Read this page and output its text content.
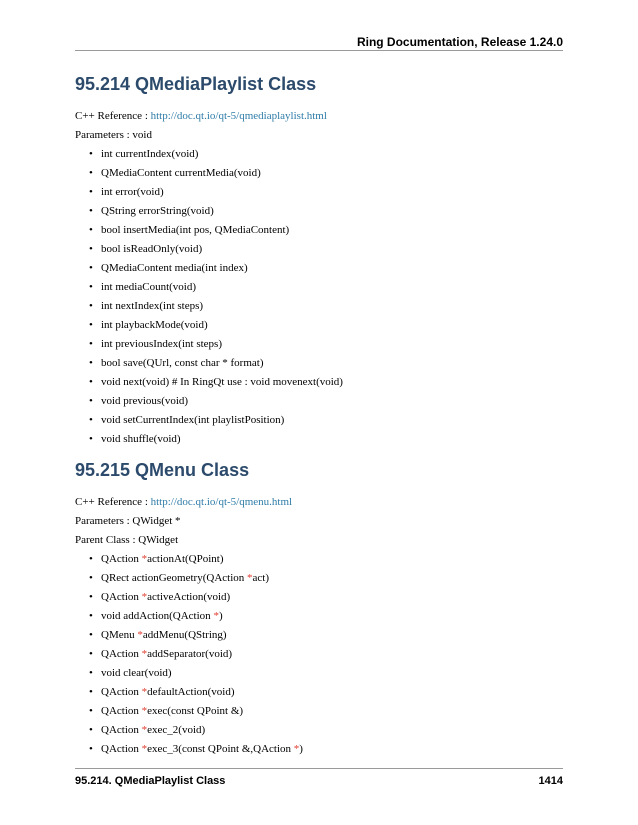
Ring Documentation, Release 1.24.0
95.214 QMediaPlaylist Class

C++ Reference : http://doc.qt.io/qt-5/qmediaplaylist.html

Parameters : void

• int currentIndex(void)
• QMediaContent currentMedia(void)
• int error(void)
• QString errorString(void)
• bool insertMedia(int pos, QMediaContent)
• bool isReadOnly(void)
• QMediaContent media(int index)
• int mediaCount(void)
• int nextIndex(int steps)
• int playbackMode(void)
• int previousIndex(int steps)
• bool save(QUrl, const char * format)
• void next(void) # In RingQt use : void movenext(void)
• void previous(void)
• void setCurrentIndex(int playlistPosition)
• void shuffle(void)
95.215 QMenu Class

C++ Reference : http://doc.qt.io/qt-5/qmenu.html

Parameters : QWidget *

Parent Class : QWidget

• QAction *actionAt(QPoint)
• QRect actionGeometry(QAction *act)
• QAction *activeAction(void)
• void addAction(QAction *)
• QMenu *addMenu(QString)
• QAction *addSeparator(void)
• void clear(void)
• QAction *defaultAction(void)
• QAction *exec(const QPoint &)
• QAction *exec_2(void)
• QAction *exec_3(const QPoint &,QAction *)
95.214. QMediaPlaylist Class	1414
